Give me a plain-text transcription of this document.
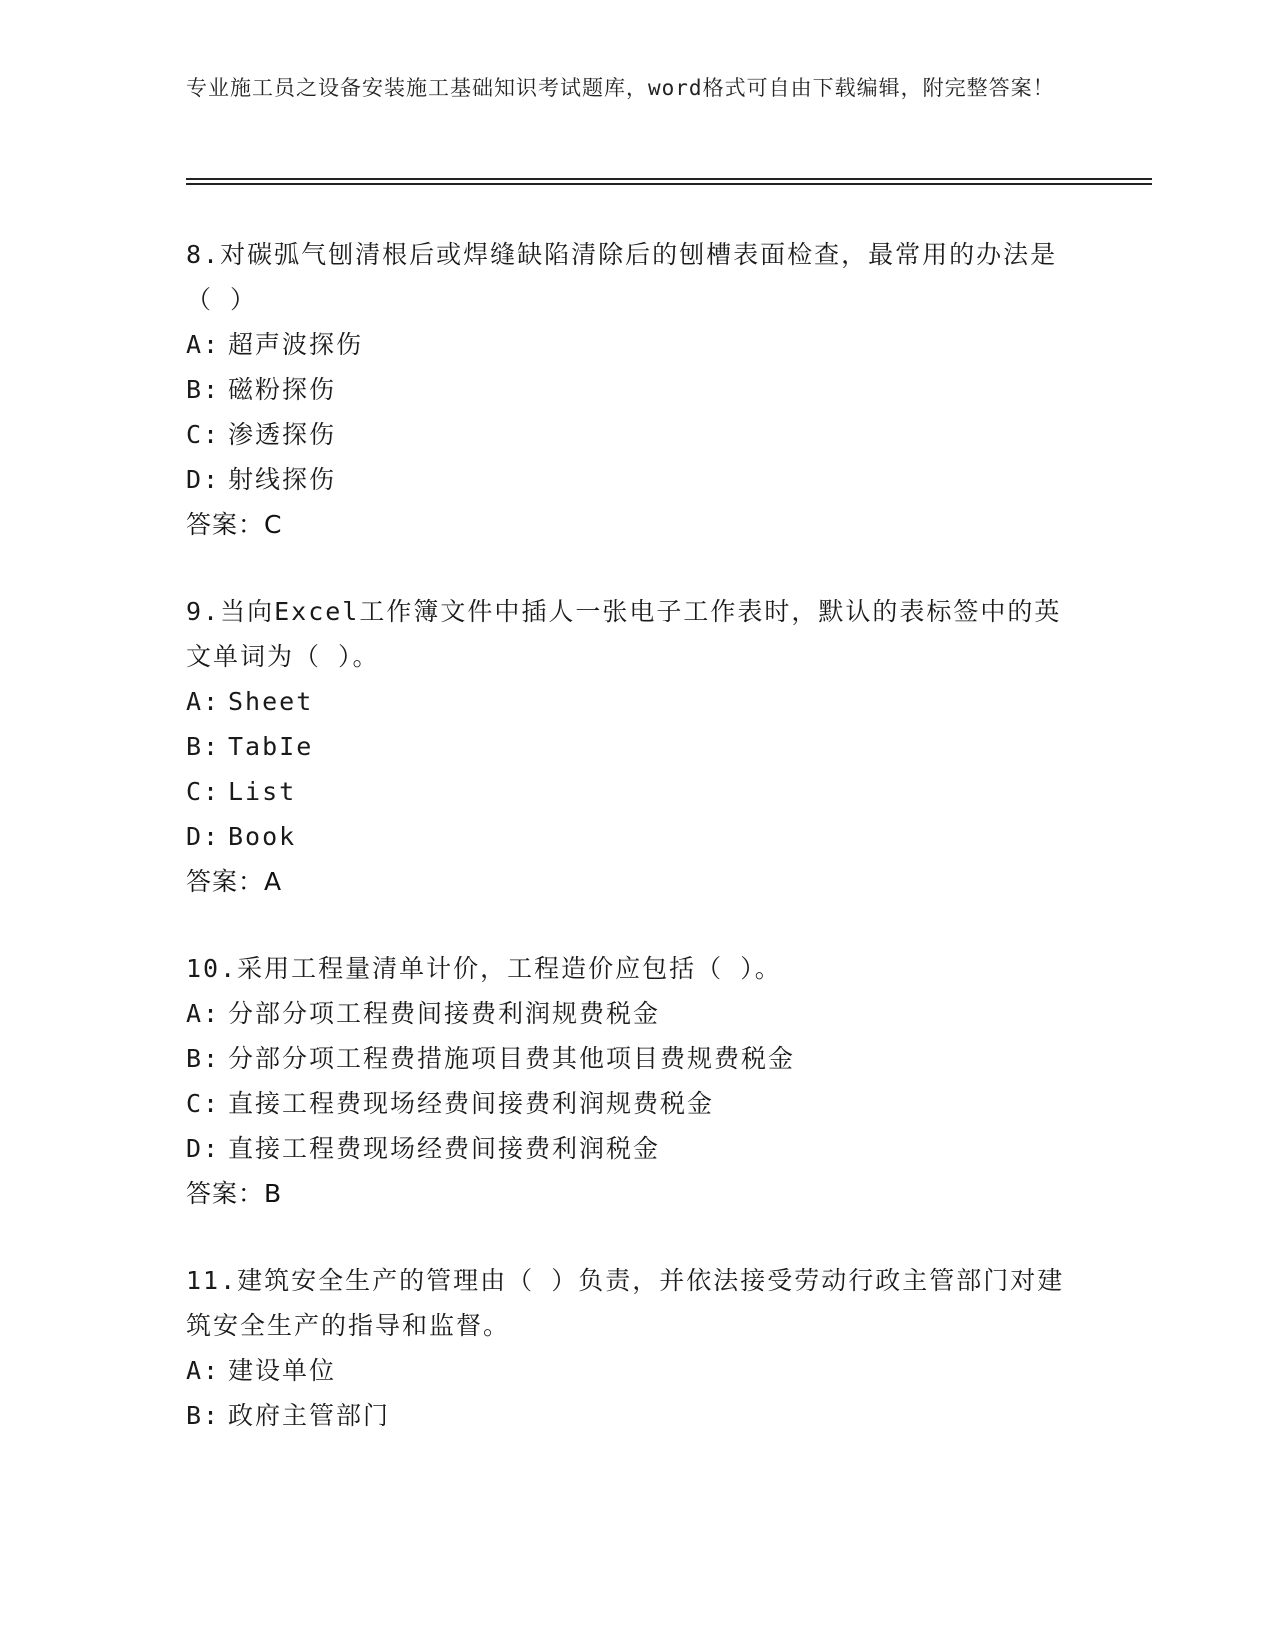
专业施工员之设备安装施工基础知识考试题库，word格式可自由下载编辑，附完整答案！
8.对碳弧气刨清根后或焊缝缺陷清除后的刨槽表面检查，最常用的办法是（ ）
A: 超声波探伤
B: 磁粉探伤
C: 渗透探伤
D: 射线探伤
答案：C
9.当向Excel工作簿文件中插人一张电子工作表时，默认的表标签中的英文单词为（ ）。
A: Sheet
B: TabIe
C: List
D: Book
答案：A
10.采用工程量清单计价，工程造价应包括（ ）。
A: 分部分项工程费间接费利润规费税金
B: 分部分项工程费措施项目费其他项目费规费税金
C: 直接工程费现场经费间接费利润规费税金
D: 直接工程费现场经费间接费利润税金
答案：B
11.建筑安全生产的管理由（ ）负责，并依法接受劳动行政主管部门对建筑安全生产的指导和监督。
A: 建设单位
B: 政府主管部门
